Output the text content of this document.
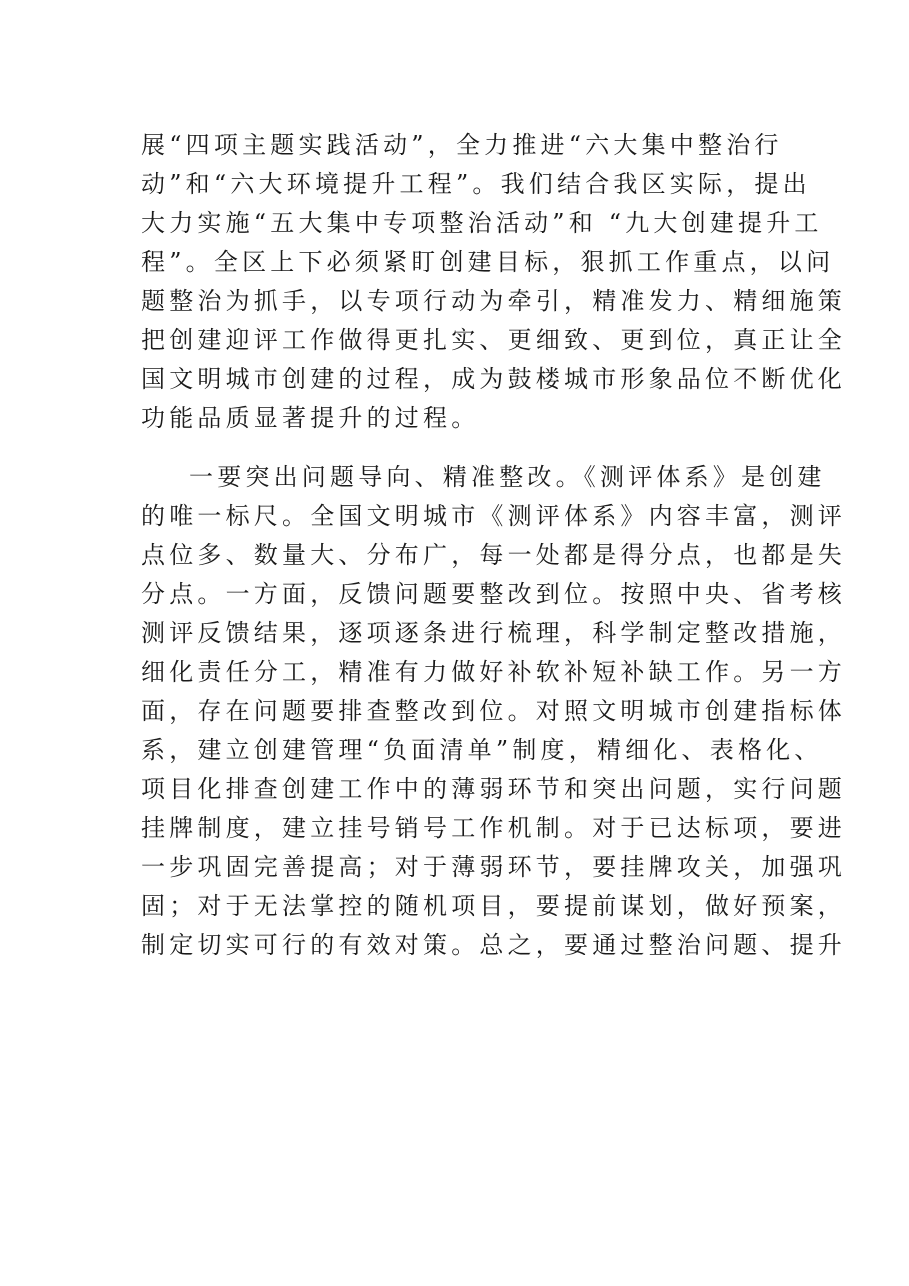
展“四项主题实践活动”，全力推进“六大集中整治行
动”和“六大环境提升工程”。我们结合我区实际，提出
大力实施“五大集中专项整治活动”和 “九大创建提升工
程”。全区上下必须紧盯创建目标，狠抓工作重点，以问
题整治为抓手，以专项行动为牵引，精准发力、精细施策
把创建迎评工作做得更扎实、更细致、更到位，真正让全
国文明城市创建的过程，成为鼓楼城市形象品位不断优化
功能品质显著提升的过程。
一要突出问题导向、精准整改。《测评体系》是创建
的唯一标尺。全国文明城市《测评体系》内容丰富，测评
点位多、数量大、分布广，每一处都是得分点，也都是失
分点。一方面，反馈问题要整改到位。按照中央、省考核
测评反馈结果，逐项逐条进行梳理，科学制定整改措施，
细化责任分工，精准有力做好补软补短补缺工作。另一方
面，存在问题要排查整改到位。对照文明城市创建指标体
系，建立创建管理“负面清单”制度，精细化、表格化、
项目化排查创建工作中的薄弱环节和突出问题，实行问题
挂牌制度，建立挂号销号工作机制。对于已达标项，要进
一步巩固完善提高；对于薄弱环节，要挂牌攻关，加强巩
固；对于无法掌控的随机项目，要提前谋划，做好预案，
制定切实可行的有效对策。总之，要通过整治问题、提升
